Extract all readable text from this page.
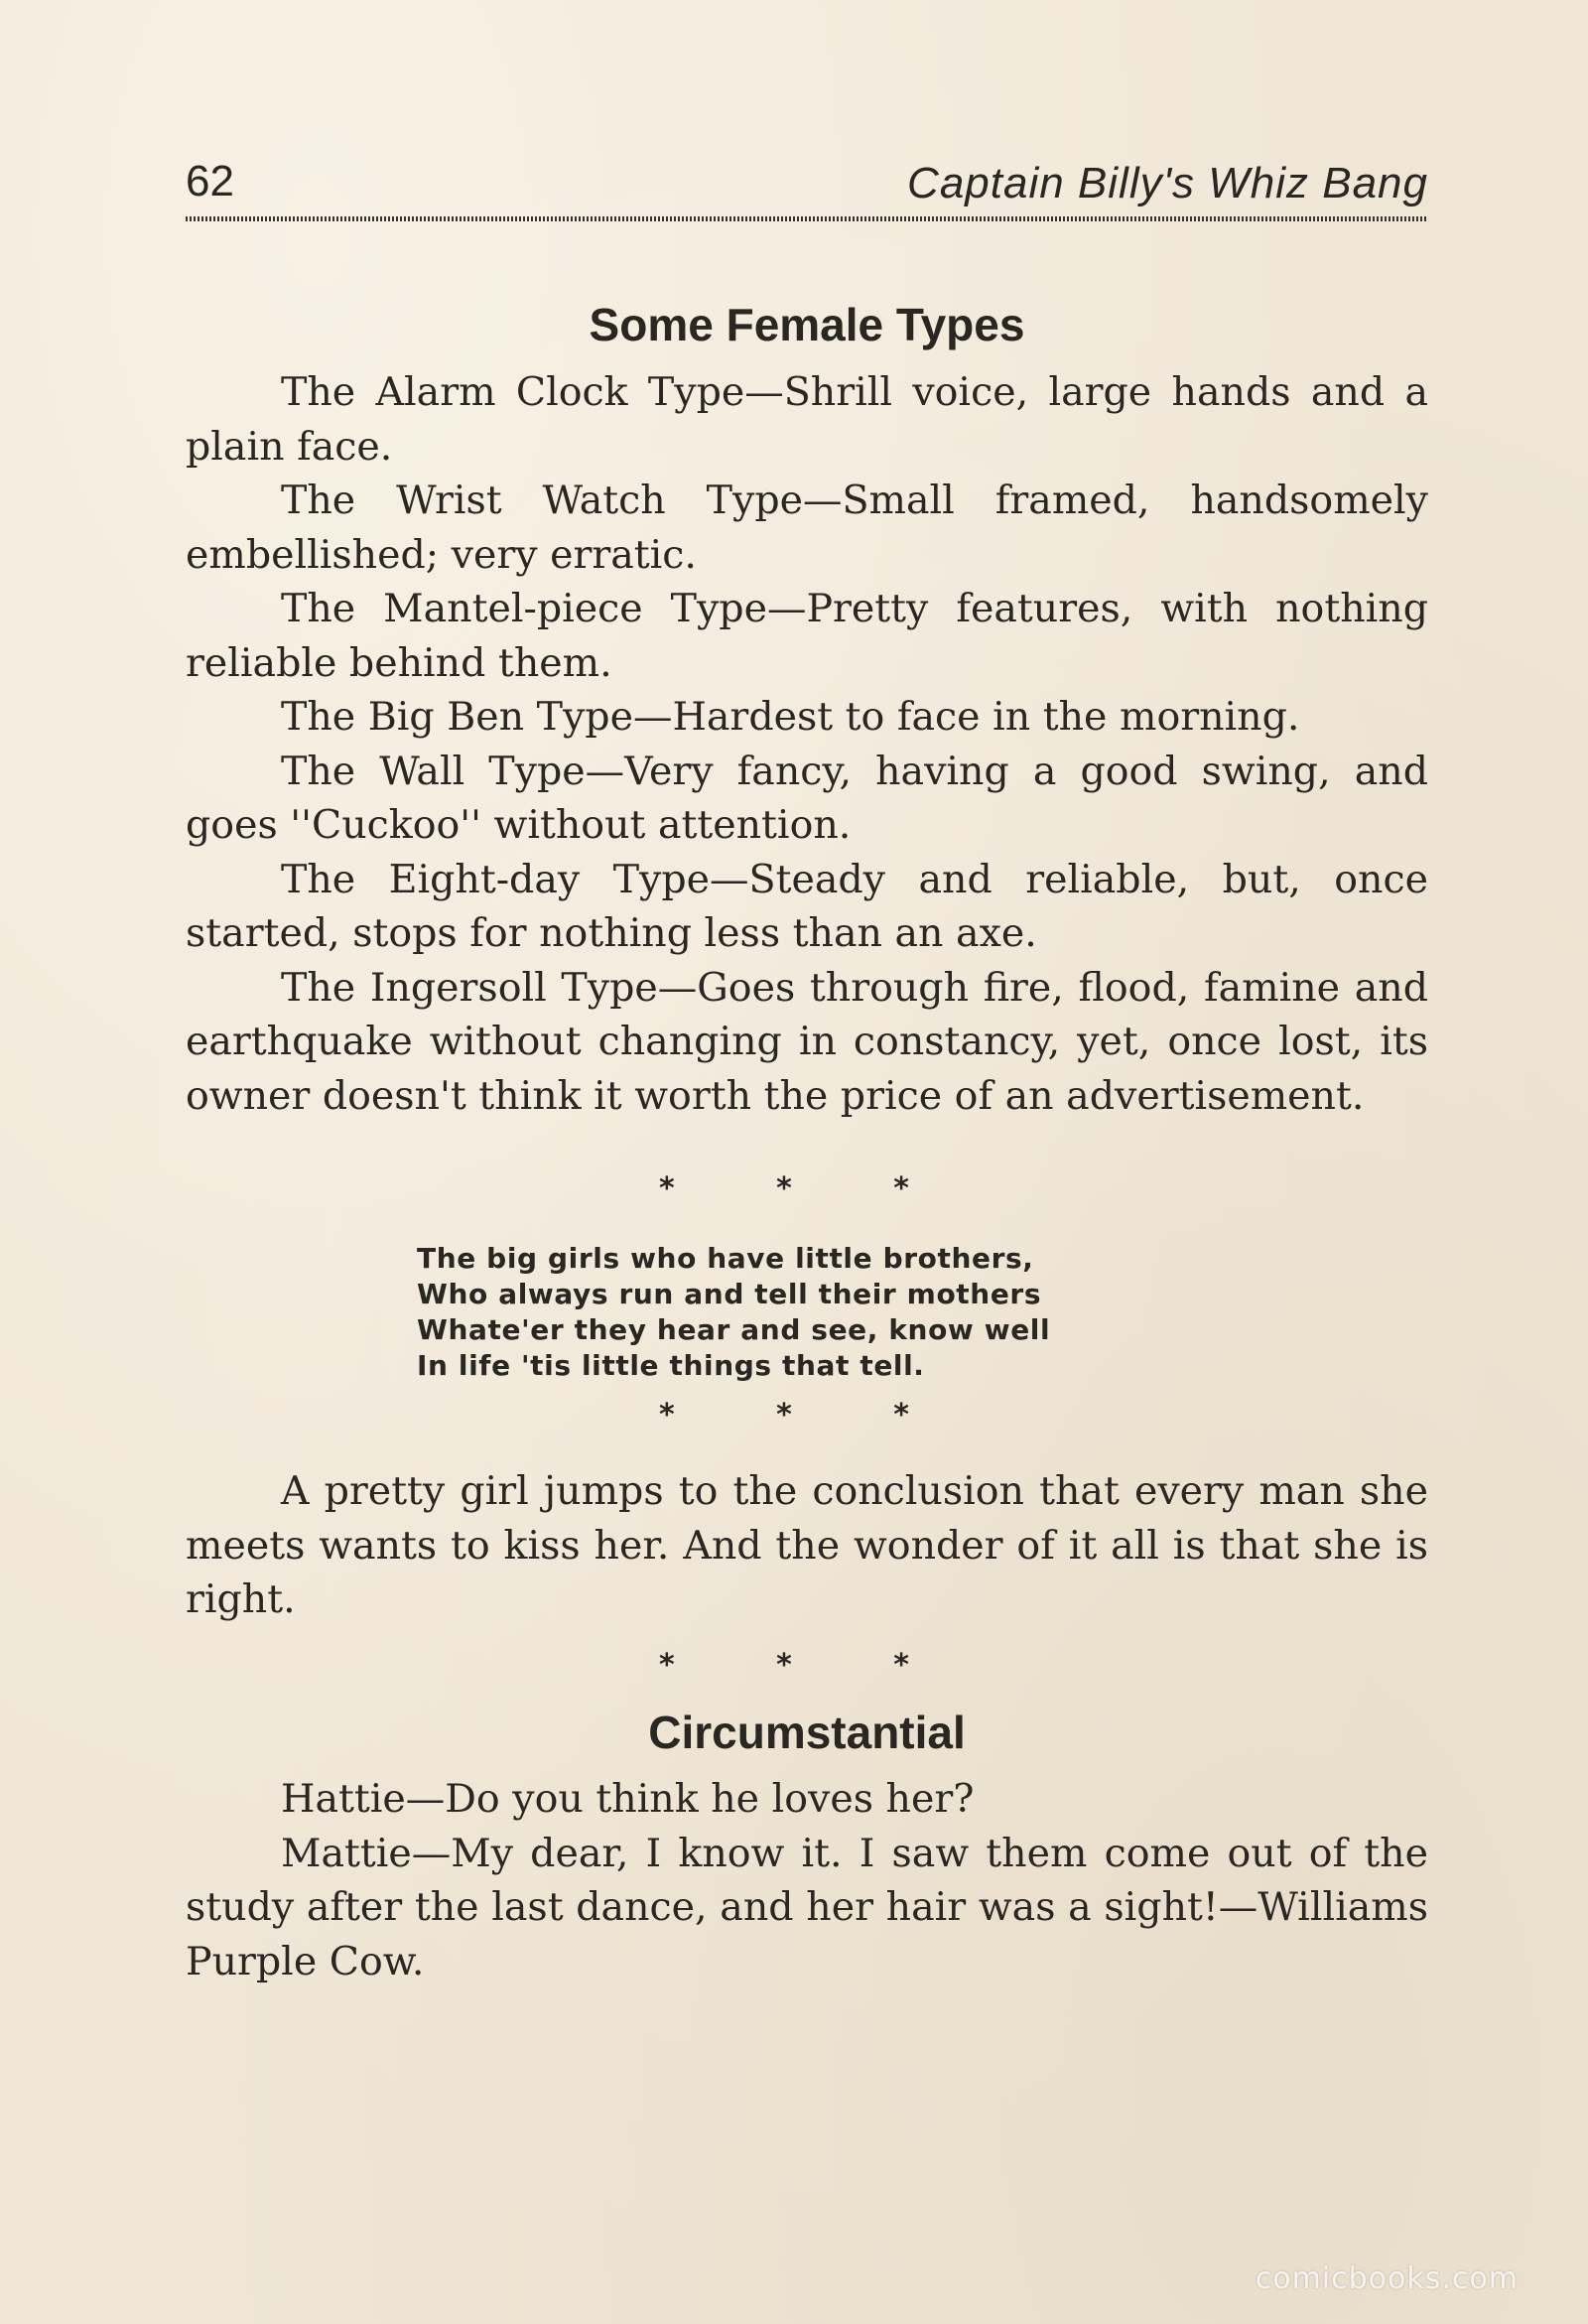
62	Captain Billy's Whiz Bang
Some Female Types

The Alarm Clock Type—Shrill voice, large hands and a plain face.

The Wrist Watch Type—Small framed, handsomely embellished; very erratic.

The Mantel-piece Type—Pretty features, with nothing reliable behind them.

The Big Ben Type—Hardest to face in the morning.

The Wall Type—Very fancy, having a good swing, and goes ''Cuckoo'' without attention.

The Eight-day Type—Steady and reliable, but, once started, stops for nothing less than an axe.

The Ingersoll Type—Goes through fire, flood, famine and earthquake without changing in constancy, yet, once lost, its owner doesn't think it worth the price of an advertisement.

* * *
The big girls who have little brothers,
Who always run and tell their mothers
Whate'er they hear and see, know well
In life 'tis little things that tell.
* * *

A pretty girl jumps to the conclusion that every man she meets wants to kiss her. And the wonder of it all is that she is right.

* * *
Circumstantial

Hattie—Do you think he loves her?

Mattie—My dear, I know it. I saw them come out of the study after the last dance, and her hair was a sight!—Williams Purple Cow.

comicbooks.com
